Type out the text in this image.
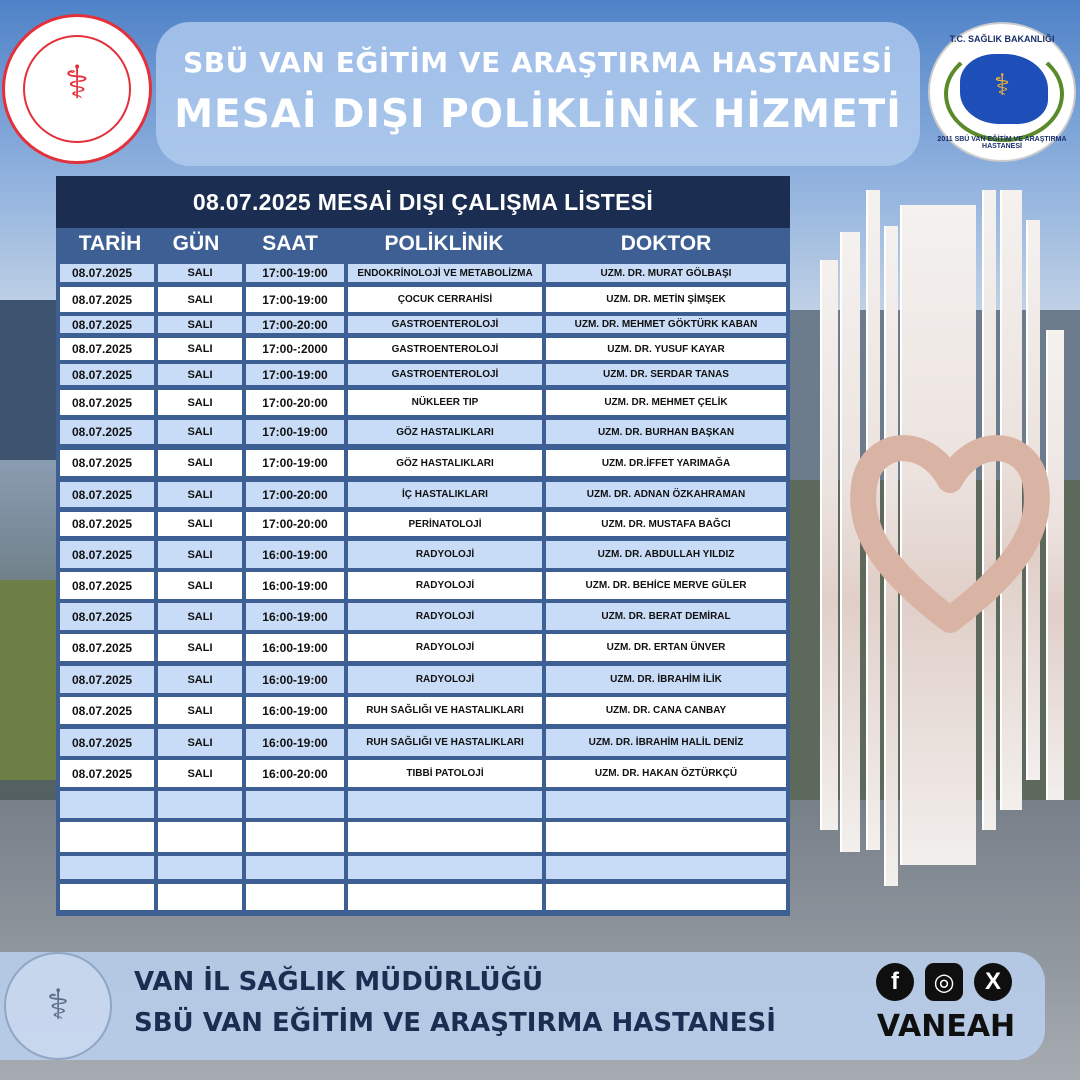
SBÜ VAN EĞİTİM VE ARAŞTIRMA HASTANESİ
MESAİ DIŞI POLİKLİNİK HİZMETİ
⚕
T.C. SAĞLIK BAKANLIĞI
⚕
2011 SBÜ VAN EĞİTİM VE ARAŞTIRMA HASTANESİ
08.07.2025 MESAİ DIŞI ÇALIŞMA LİSTESİ
TARİH	GÜN	SAAT	POLİKLİNİK	DOKTOR
08.07.2025	SALI	17:00-19:00	ENDOKRİNOLOJİ VE METABOLİZMA	UZM. DR. MURAT GÖLBAŞI
08.07.2025	SALI	17:00-19:00	ÇOCUK CERRAHİSİ	UZM. DR. METİN ŞİMŞEK
08.07.2025	SALI	17:00-20:00	GASTROENTEROLOJİ	UZM. DR. MEHMET GÖKTÜRK KABAN
08.07.2025	SALI	17:00-:2000	GASTROENTEROLOJİ	UZM. DR. YUSUF KAYAR
08.07.2025	SALI	17:00-19:00	GASTROENTEROLOJİ	UZM. DR. SERDAR TANAS
08.07.2025	SALI	17:00-20:00	NÜKLEER TIP	UZM. DR. MEHMET ÇELİK
08.07.2025	SALI	17:00-19:00	GÖZ HASTALIKLARI	UZM. DR. BURHAN BAŞKAN
08.07.2025	SALI	17:00-19:00	GÖZ HASTALIKLARI	UZM. DR.İFFET YARIMAĞA
08.07.2025	SALI	17:00-20:00	İÇ HASTALIKLARI	UZM. DR. ADNAN ÖZKAHRAMAN
08.07.2025	SALI	17:00-20:00	PERİNATOLOJİ	UZM. DR. MUSTAFA BAĞCI
08.07.2025	SALI	16:00-19:00	RADYOLOJİ	UZM. DR. ABDULLAH YILDIZ
08.07.2025	SALI	16:00-19:00	RADYOLOJİ	UZM. DR. BEHİCE MERVE GÜLER
08.07.2025	SALI	16:00-19:00	RADYOLOJİ	UZM. DR. BERAT DEMİRAL
08.07.2025	SALI	16:00-19:00	RADYOLOJİ	UZM. DR. ERTAN ÜNVER
08.07.2025	SALI	16:00-19:00	RADYOLOJİ	UZM. DR. İBRAHİM İLİK
08.07.2025	SALI	16:00-19:00	RUH SAĞLIĞI VE HASTALIKLARI	UZM. DR. CANA CANBAY
08.07.2025	SALI	16:00-19:00	RUH SAĞLIĞI VE HASTALIKLARI	UZM. DR. İBRAHİM HALİL DENİZ
08.07.2025	SALI	16:00-20:00	TIBBİ PATOLOJİ	UZM. DR. HAKAN ÖZTÜRKÇÜ
⚕	VAN İL SAĞLIK MÜDÜRLÜĞÜ
SBÜ VAN EĞİTİM VE ARAŞTIRMA HASTANESİ
f	◎	X
VANEAH
